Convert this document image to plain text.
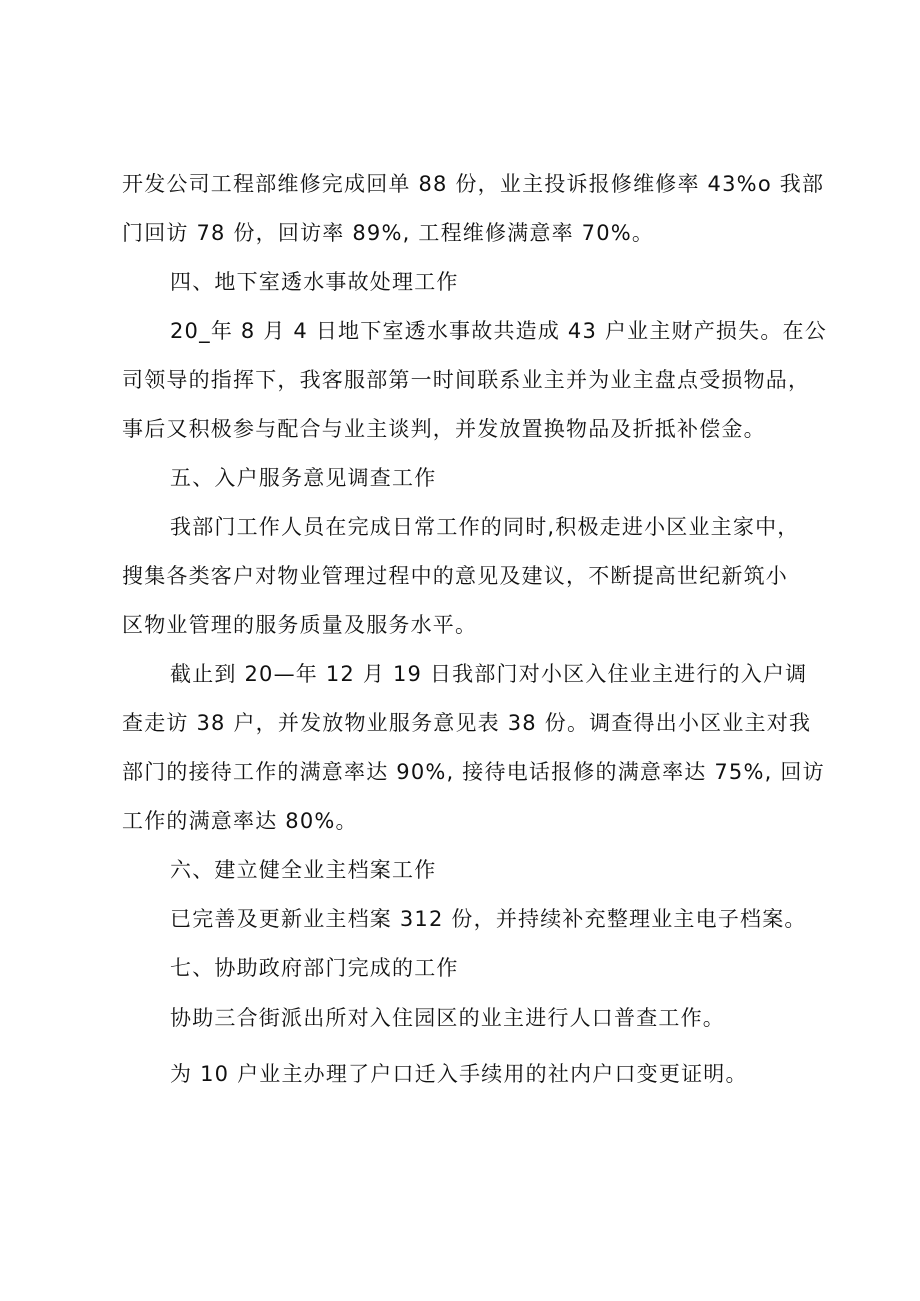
开发公司工程部维修完成回单 88 份，业主投诉报修维修率 43%o 我部

门回访 78 份，回访率 89%, 工程维修满意率 70%。

四、地下室透水事故处理工作

20_年 8 月 4 日地下室透水事故共造成 43 户业主财产损失。在公

司领导的指挥下，我客服部第一时间联系业主并为业主盘点受损物品，

事后又积极参与配合与业主谈判，并发放置换物品及折抵补偿金。

五、入户服务意见调查工作

我部门工作人员在完成日常工作的同时,积极走进小区业主家中，

搜集各类客户对物业管理过程中的意见及建议，不断提高世纪新筑小

区物业管理的服务质量及服务水平。

截止到 20—年 12 月 19 日我部门对小区入住业主进行的入户调

查走访 38 户，并发放物业服务意见表 38 份。调查得出小区业主对我

部门的接待工作的满意率达 90%, 接待电话报修的满意率达 75%, 回访

工作的满意率达 80%。

六、建立健全业主档案工作

已完善及更新业主档案 312 份，并持续补充整理业主电子档案。

七、协助政府部门完成的工作

协助三合街派出所对入住园区的业主进行人口普查工作。

为 10 户业主办理了户口迁入手续用的社内户口变更证明。
